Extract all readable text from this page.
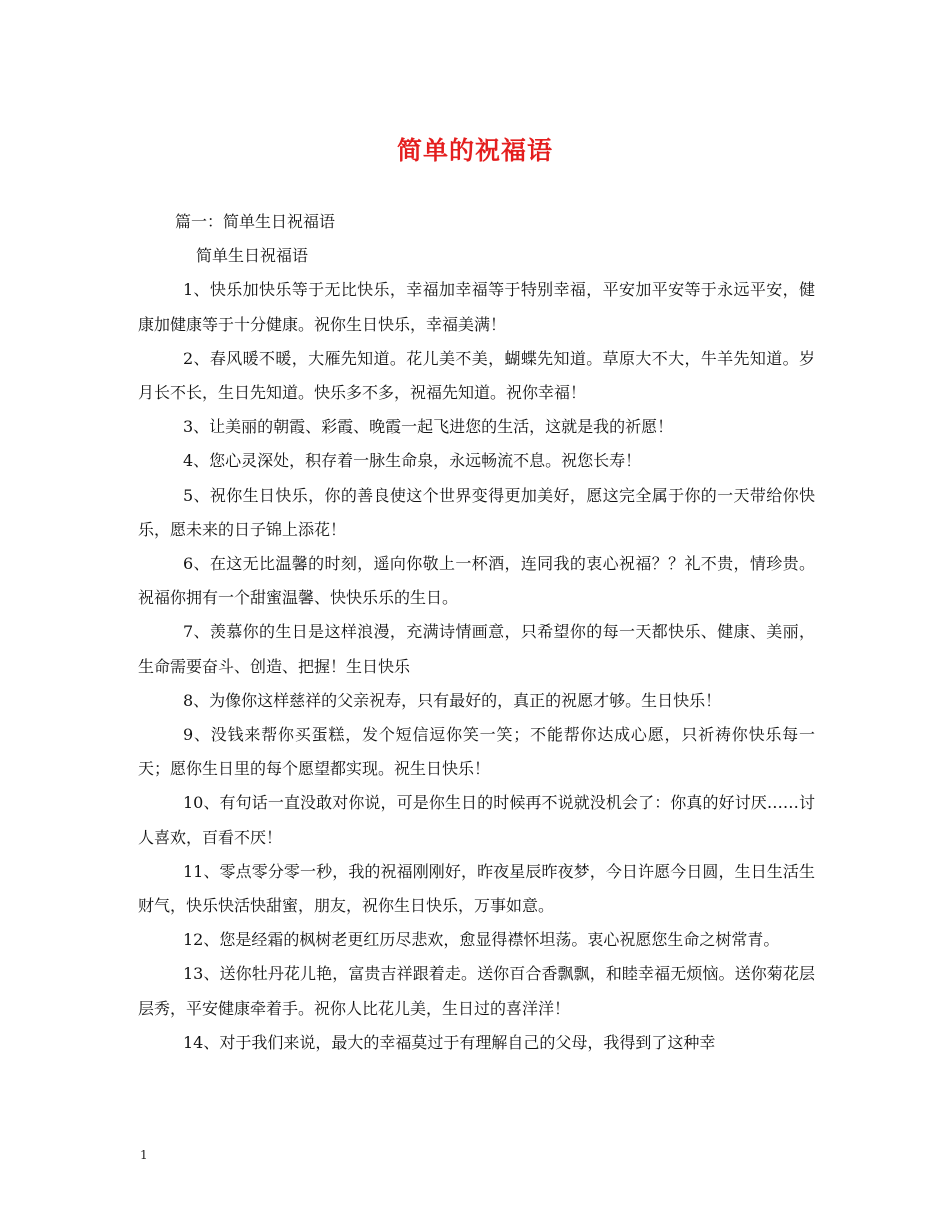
简单的祝福语

篇一：简单生日祝福语

简单生日祝福语

1、快乐加快乐等于无比快乐，幸福加幸福等于特别幸福，平安加平安等于永远平安，健康加健康等于十分健康。祝你生日快乐，幸福美满！

2、春风暖不暖，大雁先知道。花儿美不美，蝴蝶先知道。草原大不大，牛羊先知道。岁月长不长，生日先知道。快乐多不多，祝福先知道。祝你幸福！

3、让美丽的朝霞、彩霞、晚霞一起飞进您的生活，这就是我的祈愿！

4、您心灵深处，积存着一脉生命泉，永远畅流不息。祝您长寿！

5、祝你生日快乐，你的善良使这个世界变得更加美好，愿这完全属于你的一天带给你快乐，愿未来的日子锦上添花！

6、在这无比温馨的时刻，遥向你敬上一杯酒，连同我的衷心祝福？？礼不贵，情珍贵。祝福你拥有一个甜蜜温馨、快快乐乐的生日。

7、羡慕你的生日是这样浪漫，充满诗情画意，只希望你的每一天都快乐、健康、美丽，生命需要奋斗、创造、把握！生日快乐

8、为像你这样慈祥的父亲祝寿，只有最好的，真正的祝愿才够。生日快乐！

9、没钱来帮你买蛋糕，发个短信逗你笑一笑；不能帮你达成心愿，只祈祷你快乐每一天；愿你生日里的每个愿望都实现。祝生日快乐！

10、有句话一直没敢对你说，可是你生日的时候再不说就没机会了：你真的好讨厌……讨人喜欢，百看不厌！

11、零点零分零一秒，我的祝福刚刚好，昨夜星辰昨夜梦，今日许愿今日圆，生日生活生财气，快乐快活快甜蜜，朋友，祝你生日快乐，万事如意。

12、您是经霜的枫树老更红历尽悲欢，愈显得襟怀坦荡。衷心祝愿您生命之树常青。

13、送你牡丹花儿艳，富贵吉祥跟着走。送你百合香飘飘，和睦幸福无烦恼。送你菊花层层秀，平安健康牵着手。祝你人比花儿美，生日过的喜洋洋！

14、对于我们来说，最大的幸福莫过于有理解自己的父母，我得到了这种幸

1
